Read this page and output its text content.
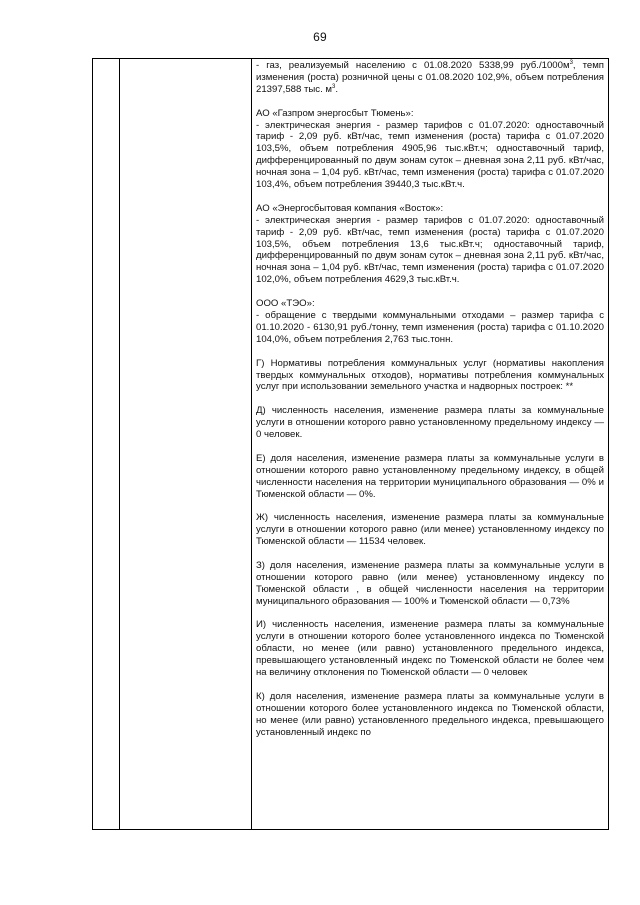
69

- газ, реализуемый населению с 01.08.2020 5338,99 $руб./1000м^3$, темп изменения (роста) розничной цены с 01.08.2020 102,9%, объем потребления 21397,588 тыс. $м^3$.

АО «Газпром энергосбыт Тюмень»:

- электрическая энергия - размер тарифов с 01.07.2020: одноставочный тариф - 2,09 руб. кВт/час, темп изменения (роста) тарифа с 01.07.2020 103,5%, объем потребления 4905,96 тыс.кВт.ч; одноставочный тариф, дифференцированный по двум зонам суток – дневная зона 2,11 руб. кВт/час, ночная зона – 1,04 руб. кВт/час, темп изменения (роста) тарифа с 01.07.2020 103,4%, объем потребления 39440,3 тыс.кВт.ч.

АО «Энергосбытовая компания «Восток»:

- электрическая энергия - размер тарифов с 01.07.2020: одноставочный тариф - 2,09 руб. кВт/час, темп изменения (роста) тарифа с 01.07.2020 103,5%, объем потребления 13,6 тыс.кВт.ч; одноставочный тариф, дифференцированный по двум зонам суток – дневная зона 2,11 руб. кВт/час, ночная зона – 1,04 руб. кВт/час, темп изменения (роста) тарифа с 01.07.2020 102,0%, объем потребления 4629,3 тыс.кВт.ч.

ООО «ТЭО»:

- обращение с твердыми коммунальными отходами – размер тарифа с 01.10.2020 - 6130,91 руб./тонну, темп изменения (роста) тарифа с 01.10.2020 104,0%, объем потребления 2,763 тыс.тонн.

Г) Нормативы потребления коммунальных услуг (нормативы накопления твердых коммунальных отходов), нормативы потребления коммунальных услуг при использовании земельного участка и надворных построек: **

Д) численность населения, изменение размера платы за коммунальные услуги в отношении которого равно установленному предельному индексу — 0 человек.

Е) доля населения, изменение размера платы за коммунальные услуги в отношении которого равно установленному предельному индексу, в общей численности населения на территории муниципального образования — 0% и Тюменской области — 0%.

Ж) численность населения, изменение размера платы за коммунальные услуги в отношении которого равно (или менее) установленному индексу по Тюменской области — 11534 человек.

З) доля населения, изменение размера платы за коммунальные услуги в отношении которого равно (или менее) установленному индексу по Тюменской области , в общей численности населения на территории муниципального образования — 100% и Тюменской области — 0,73%

И) численность населения, изменение размера платы за коммунальные услуги в отношении которого более установленного индекса по Тюменской области, но менее (или равно) установленного предельного индекса, превышающего установленный индекс по Тюменской области не более чем на величину отклонения по Тюменской области — 0 человек

К) доля населения, изменение размера платы за коммунальные услуги в отношении которого более установленного индекса по Тюменской области, но менее (или равно) установленного предельного индекса, превышающего установленный индекс по
